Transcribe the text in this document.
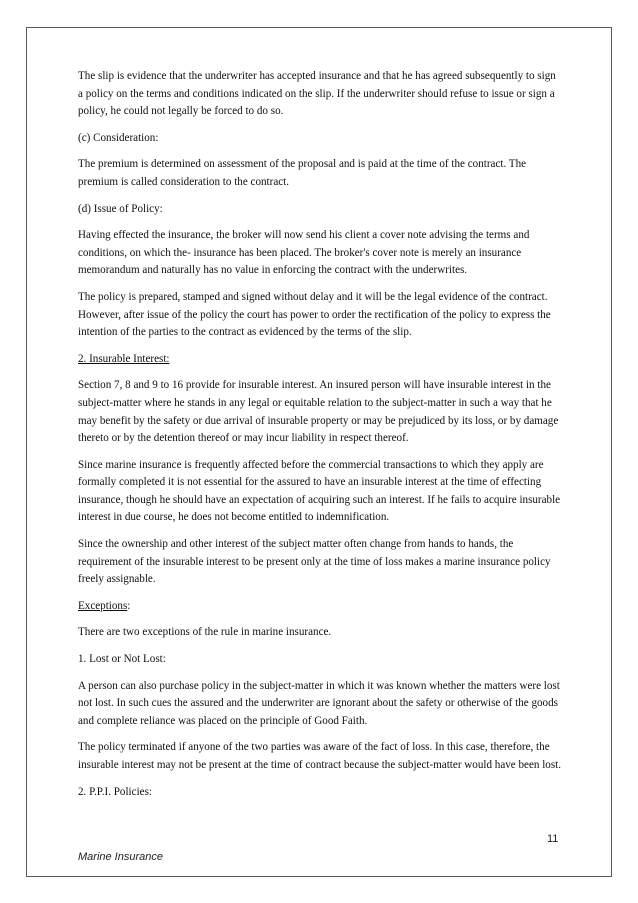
The slip is evidence that the underwriter has accepted insurance and that he has agreed subsequently to sign a policy on the terms and conditions indicated on the slip. If the underwriter should refuse to issue or sign a policy, he could not legally be forced to do so.

(c) Consideration:

The premium is determined on assessment of the proposal and is paid at the time of the contract. The premium is called consideration to the contract.

(d) Issue of Policy:

Having effected the insurance, the broker will now send his client a cover note advising the terms and conditions, on which the- insurance has been placed. The broker's cover note is merely an insurance memorandum and naturally has no value in enforcing the contract with the underwrites.

The policy is prepared, stamped and signed without delay and it will be the legal evidence of the contract. However, after issue of the policy the court has power to order the rectification of the policy to express the intention of the parties to the contract as evidenced by the terms of the slip.

2. Insurable Interest:

Section 7, 8 and 9 to 16 provide for insurable interest. An insured person will have insurable interest in the subject-matter where he stands in any legal or equitable relation to the subject-matter in such a way that he may benefit by the safety or due arrival of insurable property or may be prejudiced by its loss, or by damage thereto or by the detention thereof or may incur liability in respect thereof.

Since marine insurance is frequently affected before the commercial transactions to which they apply are formally completed it is not essential for the assured to have an insurable interest at the time of effecting insurance, though he should have an expectation of acquiring such an interest. If he fails to acquire insurable interest in due course, he does not become entitled to indemnification.

Since the ownership and other interest of the subject matter often change from hands to hands, the requirement of the insurable interest to be present only at the time of loss makes a marine insurance policy freely assignable.

Exceptions:

There are two exceptions of the rule in marine insurance.

1. Lost or Not Lost:

A person can also purchase policy in the subject-matter in which it was known whether the matters were lost not lost. In such cues the assured and the underwriter are ignorant about the safety or otherwise of the goods and complete reliance was placed on the principle of Good Faith.

The policy terminated if anyone of the two parties was aware of the fact of loss. In this case, therefore, the insurable interest may not be present at the time of contract because the subject-matter would have been lost.

2. P.P.I. Policies:

11
Marine Insurance
